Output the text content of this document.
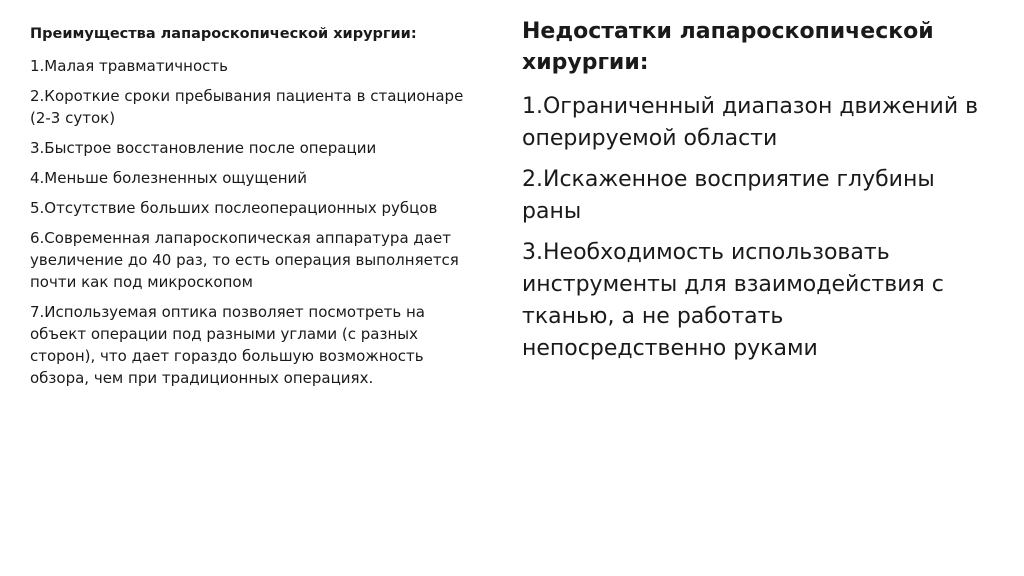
Преимущества лапароскопической хирургии:
1.Малая травматичность
2.Короткие сроки пребывания пациента в стационаре (2-3 суток)
3.Быстрое восстановление после операции
4.Меньше болезненных ощущений
5.Отсутствие больших послеоперационных рубцов
6.Современная лапароскопическая аппаратура дает увеличение до 40 раз, то есть операция выполняется почти как под микроскопом
7.Используемая оптика позволяет посмотреть на объект операции под разными углами (с разных сторон), что дает гораздо большую возможность обзора, чем при традиционных операциях.
Недостатки лапароскопической хирургии:
1.Ограниченный диапазон движений в оперируемой области
2.Искаженное восприятие глубины раны
3.Необходимость использовать инструменты для взаимодействия с тканью, а не работать непосредственно руками
